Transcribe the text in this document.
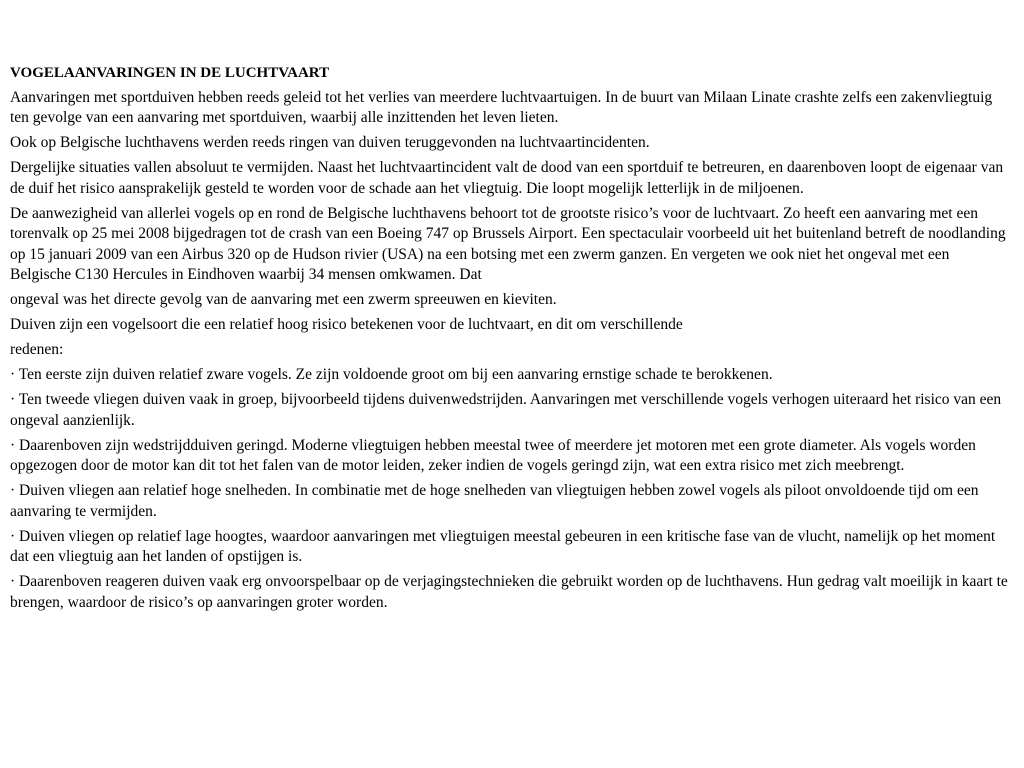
VOGELAANVARINGEN IN DE LUCHTVAART
Aanvaringen met sportduiven hebben reeds geleid tot het verlies van meerdere luchtvaartuigen. In de buurt van Milaan Linate crashte zelfs een zakenvliegtuig ten gevolge van een aanvaring met sportduiven, waarbij alle inzittenden het leven lieten.
Ook op Belgische luchthavens werden reeds ringen van duiven teruggevonden na luchtvaartincidenten.
Dergelijke situaties vallen absoluut te vermijden. Naast het luchtvaartincident valt de dood van een sportduif te betreuren, en daarenboven loopt de eigenaar van de duif het risico aansprakelijk gesteld te worden voor de schade aan het vliegtuig. Die loopt mogelijk letterlijk in de miljoenen.
De aanwezigheid van allerlei vogels op en rond de Belgische luchthavens behoort tot de grootste risico’s voor de luchtvaart. Zo heeft een aanvaring met een torenvalk op 25 mei 2008 bijgedragen tot de crash van een Boeing 747 op Brussels Airport. Een spectaculair voorbeeld uit het buitenland betreft de noodlanding op 15 januari 2009 van een Airbus 320 op de Hudson rivier (USA) na een botsing met een zwerm ganzen. En vergeten we ook niet het ongeval met een Belgische C130 Hercules in Eindhoven waarbij 34 mensen omkwamen. Dat
ongeval was het directe gevolg van de aanvaring met een zwerm spreeuwen en kieviten.
Duiven zijn een vogelsoort die een relatief hoog risico betekenen voor de luchtvaart, en dit om verschillende
redenen:
· Ten eerste zijn duiven relatief zware vogels. Ze zijn voldoende groot om bij een aanvaring ernstige schade te berokkenen.
· Ten tweede vliegen duiven vaak in groep, bijvoorbeeld tijdens duivenwedstrijden. Aanvaringen met verschillende vogels verhogen uiteraard het risico van een ongeval aanzienlijk.
· Daarenboven zijn wedstrijdduiven geringd. Moderne vliegtuigen hebben meestal twee of meerdere jet motoren met een grote diameter. Als vogels worden opgezogen door de motor kan dit tot het falen van de motor leiden, zeker indien de vogels geringd zijn, wat een extra risico met zich meebrengt.
· Duiven vliegen aan relatief hoge snelheden. In combinatie met de hoge snelheden van vliegtuigen hebben zowel vogels als piloot onvoldoende tijd om een aanvaring te vermijden.
· Duiven vliegen op relatief lage hoogtes, waardoor aanvaringen met vliegtuigen meestal gebeuren in een kritische fase van de vlucht, namelijk op het moment dat een vliegtuig aan het landen of opstijgen is.
· Daarenboven reageren duiven vaak erg onvoorspelbaar op de verjagingstechnieken die gebruikt worden op de luchthavens. Hun gedrag valt moeilijk in kaart te brengen, waardoor de risico’s op aanvaringen groter worden.
